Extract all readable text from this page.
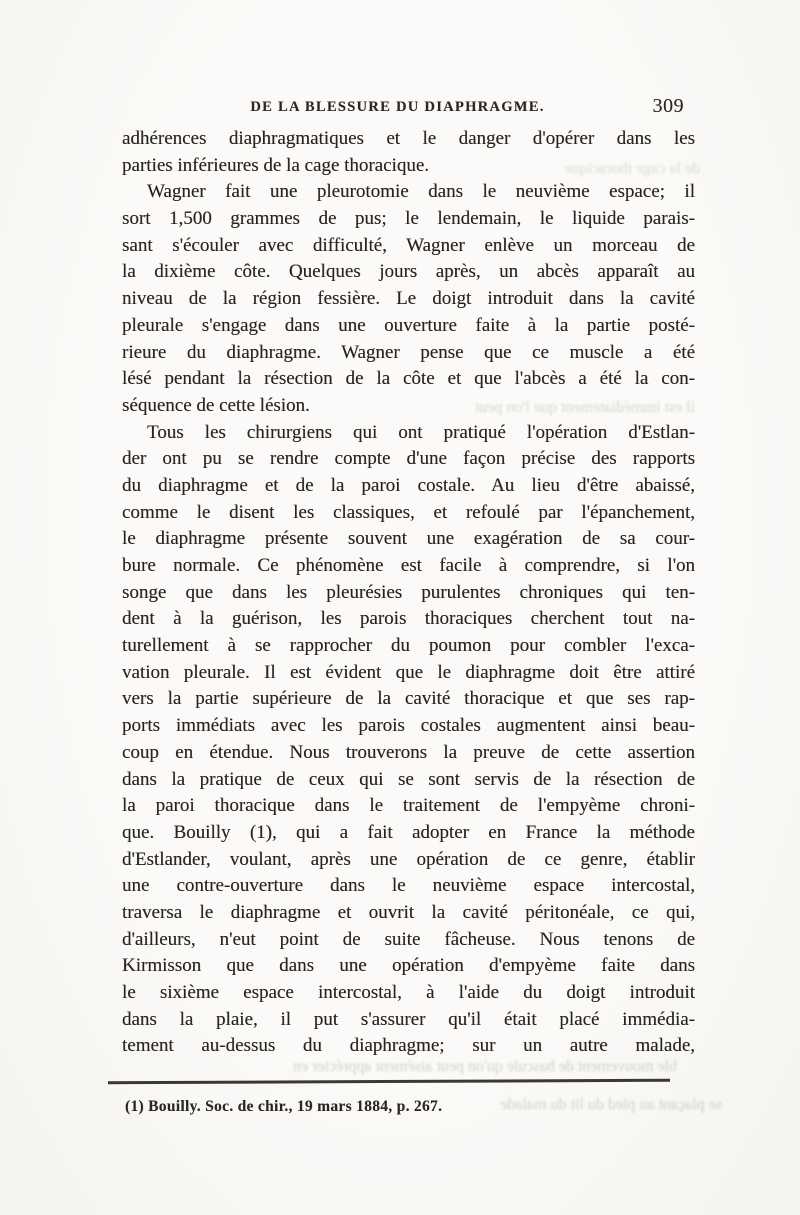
DE LA BLESSURE DU DIAPHRAGME.	309
adhérences diaphragmatiques et le danger d'opérer dans les
parties inférieures de la cage thoracique.
Wagner fait une pleurotomie dans le neuvième espace; il
sort 1,500 grammes de pus; le lendemain, le liquide parais-
sant s'écouler avec difficulté, Wagner enlève un morceau de
la dixième côte. Quelques jours après, un abcès apparaît au
niveau de la région fessière. Le doigt introduit dans la cavité
pleurale s'engage dans une ouverture faite à la partie posté-
rieure du diaphragme. Wagner pense que ce muscle a été
lésé pendant la résection de la côte et que l'abcès a été la con-
séquence de cette lésion.
Tous les chirurgiens qui ont pratiqué l'opération d'Estlan-
der ont pu se rendre compte d'une façon précise des rapports
du diaphragme et de la paroi costale. Au lieu d'être abaissé,
comme le disent les classiques, et refoulé par l'épanchement,
le diaphragme présente souvent une exagération de sa cour-
bure normale. Ce phénomène est facile à comprendre, si l'on
songe que dans les pleurésies purulentes chroniques qui ten-
dent à la guérison, les parois thoraciques cherchent tout na-
turellement à se rapprocher du poumon pour combler l'exca-
vation pleurale. Il est évident que le diaphragme doit être attiré
vers la partie supérieure de la cavité thoracique et que ses rap-
ports immédiats avec les parois costales augmentent ainsi beau-
coup en étendue. Nous trouverons la preuve de cette assertion
dans la pratique de ceux qui se sont servis de la résection de
la paroi thoracique dans le traitement de l'empyème chroni-
que. Bouilly (1), qui a fait adopter en France la méthode
d'Estlander, voulant, après une opération de ce genre, établir
une contre-ouverture dans le neuvième espace intercostal,
traversa le diaphragme et ouvrit la cavité péritonéale, ce qui,
d'ailleurs, n'eut point de suite fâcheuse. Nous tenons de
Kirmisson que dans une opération d'empyème faite dans
le sixième espace intercostal, à l'aide du doigt introduit
dans la plaie, il put s'assurer qu'il était placé immédia-
tement au-dessus du diaphragme; sur un autre malade,
de la cage thoracique
il est immédiatement que l'on peut
ble mouvement de bascule qu'on peut aisément apprécier en
se plaçant au pied du lit du malade
(1) Bouilly. Soc. de chir., 19 mars 1884, p. 267.
